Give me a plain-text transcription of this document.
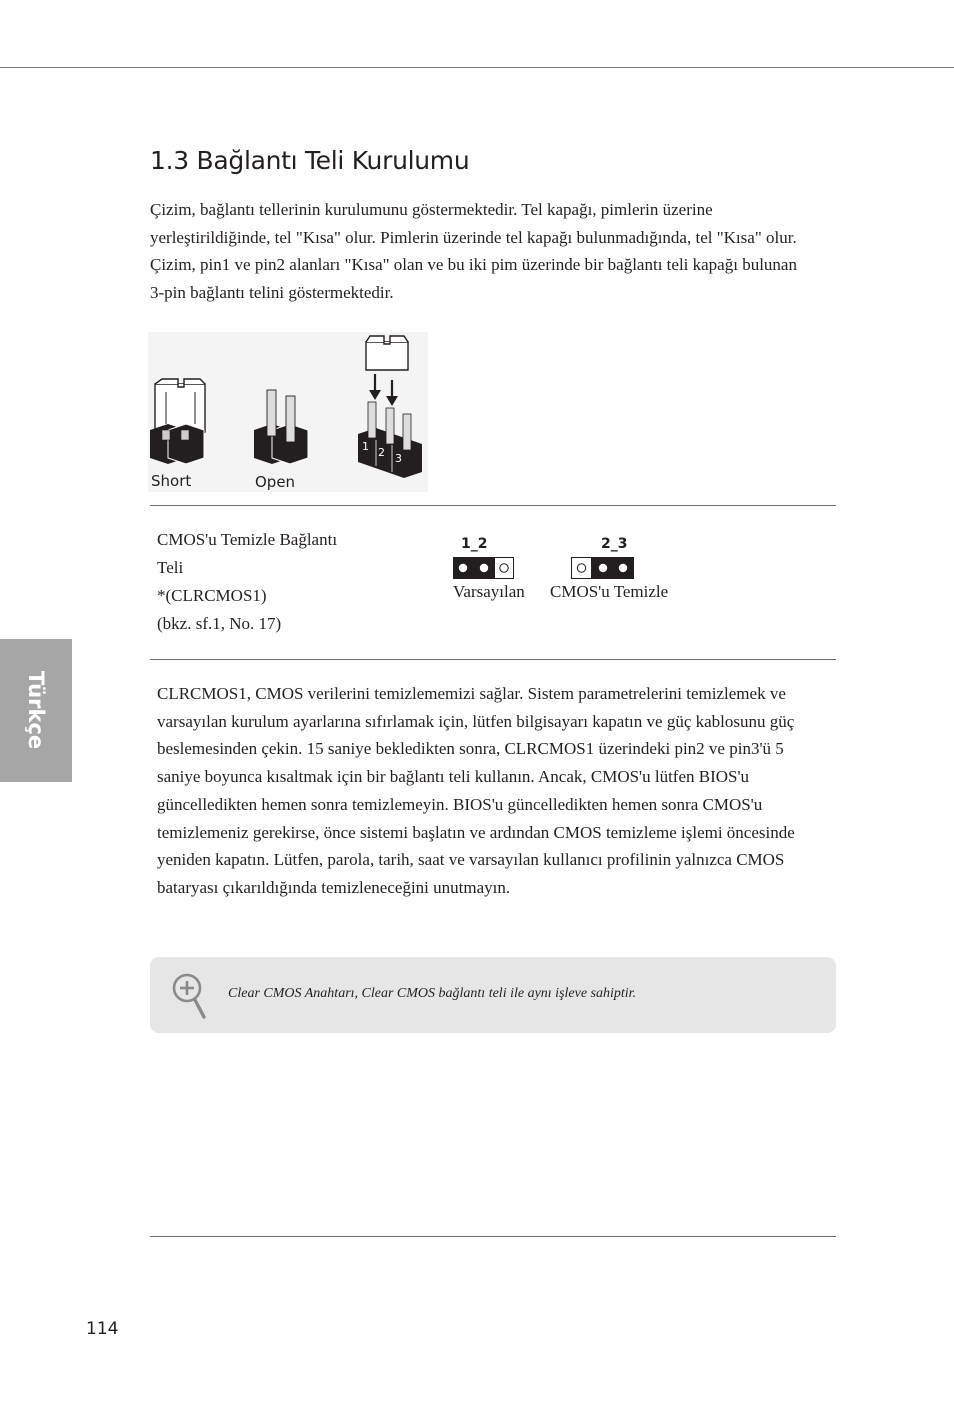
1.3 Bağlantı Teli Kurulumu

Çizim, bağlantı tellerinin kurulumunu göstermektedir. Tel kapağı, pimlerin üzerine yerleştirildiğinde, tel "Kısa" olur. Pimlerin üzerinde tel kapağı bulunmadığında, tel "Kısa" olur. Çizim, pin1 ve pin2 alanları "Kısa" olan ve bu iki pim üzerinde bir bağlantı teli kapağı bulunan 3-pin bağlantı telini göstermektedir.

1 2 3
Short	Open
CMOS'u Temizle Bağlantı
Teli
*(CLRCMOS1)
(bkz. sf.1, No. 17)
1_2
Varsayılan
2_3
CMOS'u Temizle

CLRCMOS1, CMOS verilerini temizlememizi sağlar. Sistem parametrelerini temizlemek ve varsayılan kurulum ayarlarına sıfırlamak için, lütfen bilgisayarı kapatın ve güç kablosunu güç beslemesinden çekin. 15 saniye bekledikten sonra, CLRCMOS1 üzerindeki pin2 ve pin3'ü 5 saniye boyunca kısaltmak için bir bağlantı teli kullanın. Ancak, CMOS'u lütfen BIOS'u güncelledikten hemen sonra temizlemeyin. BIOS'u güncelledikten hemen sonra CMOS'u temizlemeniz gerekirse, önce sistemi başlatın ve ardından CMOS temizleme işlemi öncesinde yeniden kapatın. Lütfen, parola, tarih, saat ve varsayılan kullanıcı profilinin yalnızca CMOS bataryası çıkarıldığında temizleneceğini unutmayın.

Clear CMOS Anahtarı, Clear CMOS bağlantı teli ile aynı işleve sahiptir.
Türkçe
114
